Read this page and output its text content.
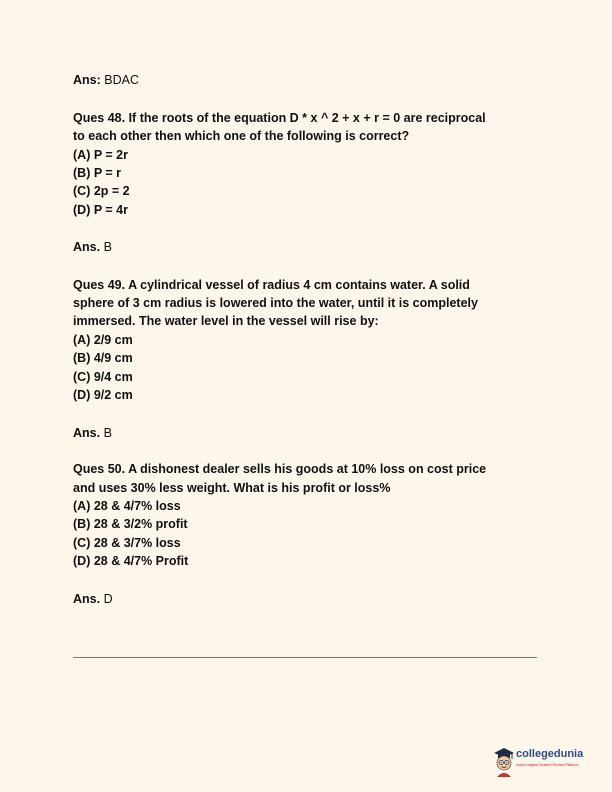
Ans: BDAC
Ques 48. If the roots of the equation D * x ^ 2 + x + r = 0 are reciprocal
to each other then which one of the following is correct?
(A) P = 2r
(B) P = r
(C) 2p = 2
(D) P = 4r
Ans. B
Ques 49. A cylindrical vessel of radius 4 cm contains water. A solid
sphere of 3 cm radius is lowered into the water, until it is completely
immersed. The water level in the vessel will rise by:
(A) 2/9 cm
(B) 4/9 cm
(C) 9/4 cm
(D) 9/2 cm
Ans. B
Ques 50. A dishonest dealer sells his goods at 10% loss on cost price
and uses 30% less weight. What is his profit or loss%
(A) 28 & 4/7% loss
(B) 28 & 3/2% profit
(C) 28 & 3/7% loss
(D) 28 & 4/7% Profit
Ans. D
collegedunia
India's largest Student Review Platform
